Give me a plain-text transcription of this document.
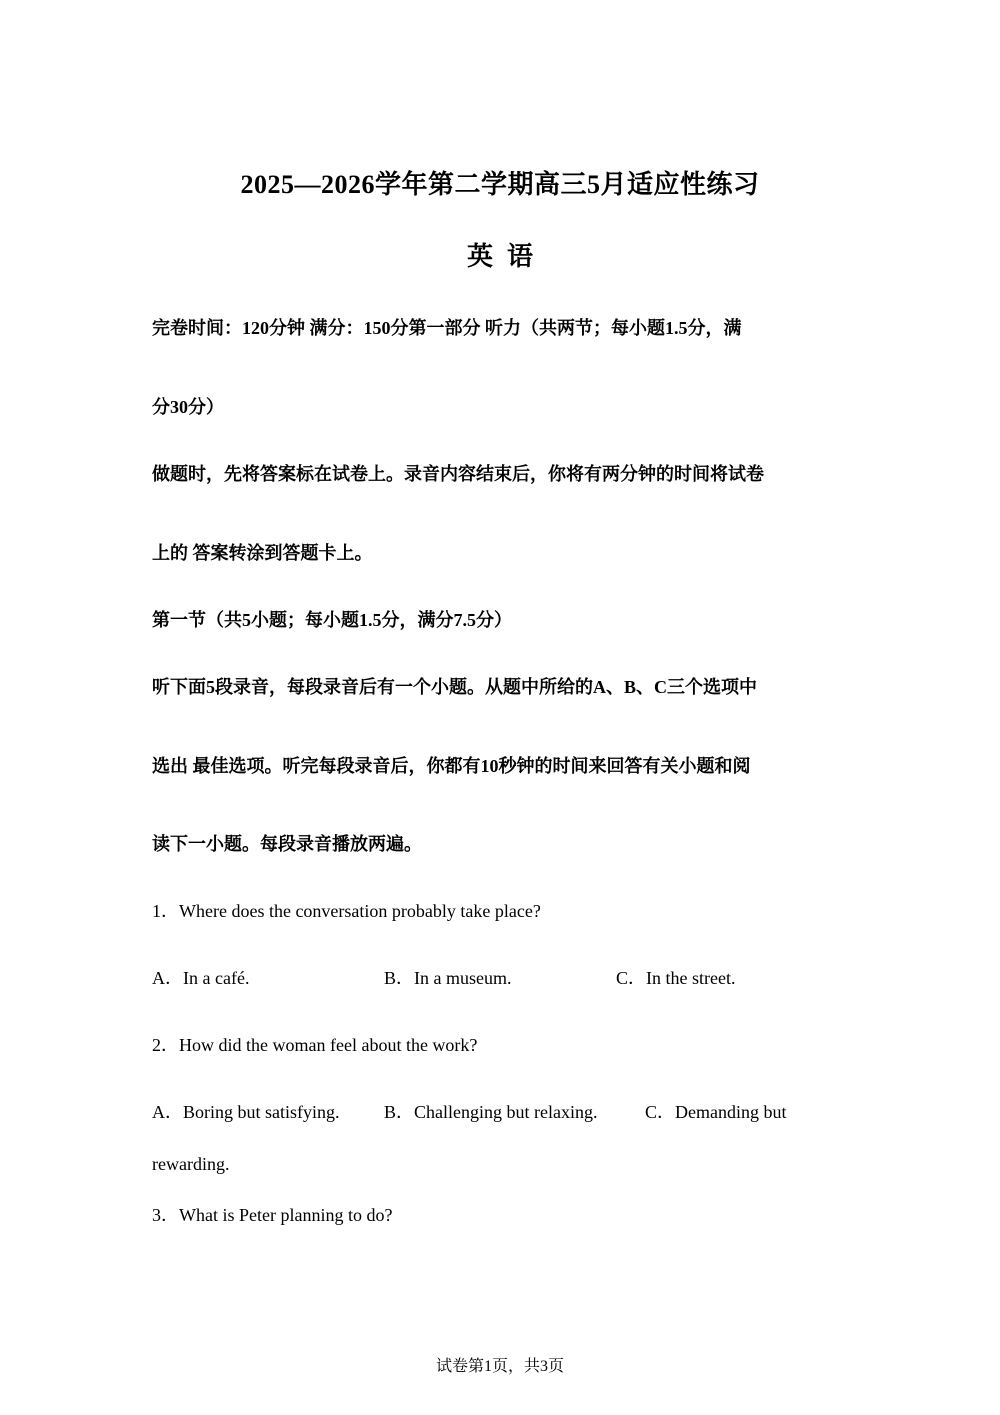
2025—2026学年第二学期高三5月适应性练习
英语
完卷时间：120分钟 满分：150分第一部分 听力（共两节；每小题1.5分，满
分30分）
做题时，先将答案标在试卷上。录音内容结束后，你将有两分钟的时间将试卷
上的 答案转涂到答题卡上。
第一节（共5小题；每小题1.5分，满分7.5分）
听下面5段录音，每段录音后有一个小题。从题中所给的A、B、C三个选项中
选出 最佳选项。听完每段录音后，你都有10秒钟的时间来回答有关小题和阅
读下一小题。每段录音播放两遍。
1．Where does the conversation probably take place?
A．In a café.	B．In a museum.	C．In the street.
2．How did the woman feel about the work?
A．Boring but satisfying. B．Challenging but relaxing.	C．Demanding but
rewarding.
3．What is Peter planning to do?
试卷第1页，共3页
